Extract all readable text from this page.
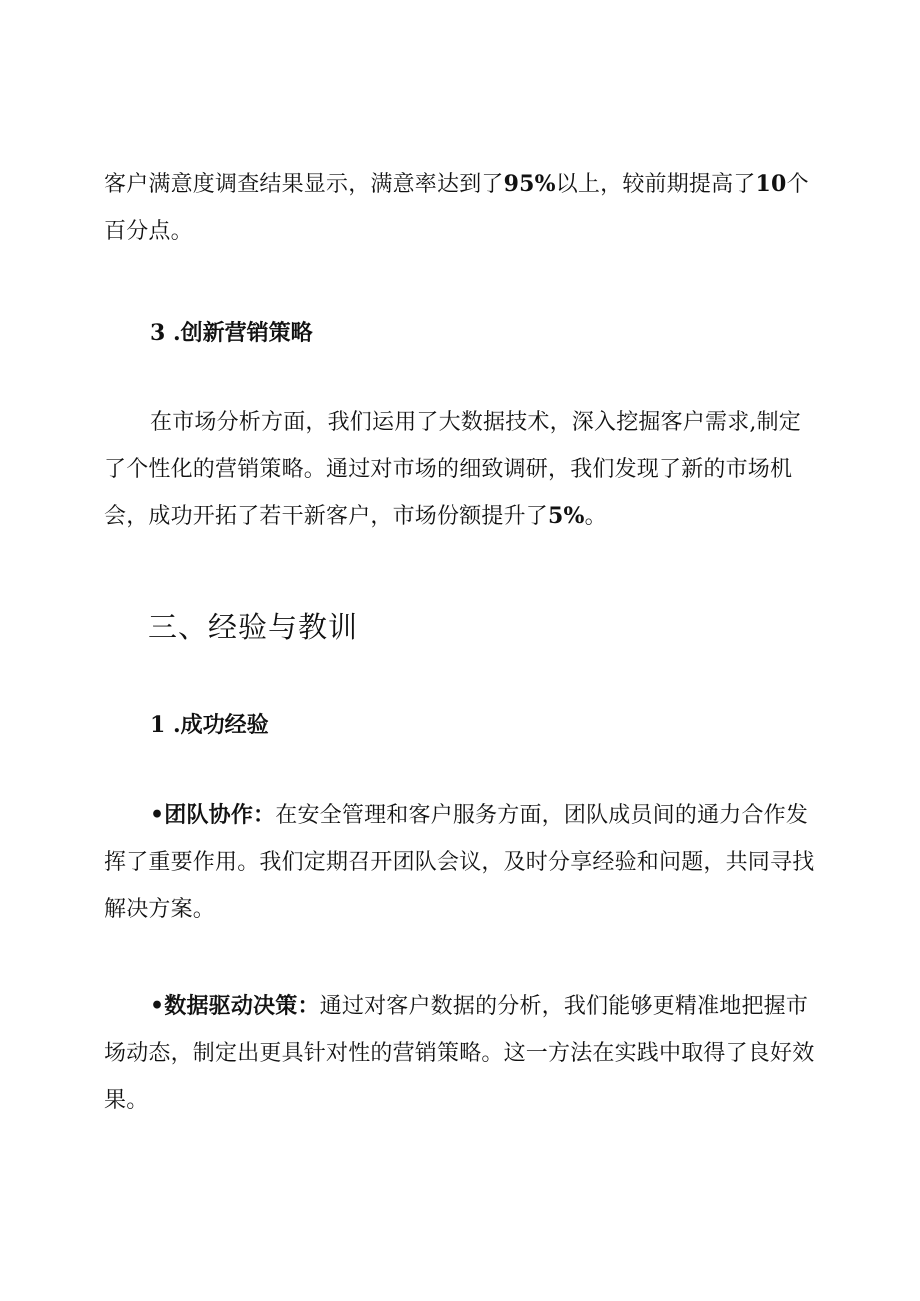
客户满意度调查结果显示，满意率达到了95%以上，较前期提高了10个百分点。

3 .创新营销策略

在市场分析方面，我们运用了大数据技术，深入挖掘客户需求,制定了个性化的营销策略。通过对市场的细致调研，我们发现了新的市场机会，成功开拓了若干新客户，市场份额提升了5%。

三、经验与教训
1 .成功经验

•团队协作：在安全管理和客户服务方面，团队成员间的通力合作发挥了重要作用。我们定期召开团队会议，及时分享经验和问题，共同寻找解决方案。

•数据驱动决策：通过对客户数据的分析，我们能够更精准地把握市场动态，制定出更具针对性的营销策略。这一方法在实践中取得了良好效果。
